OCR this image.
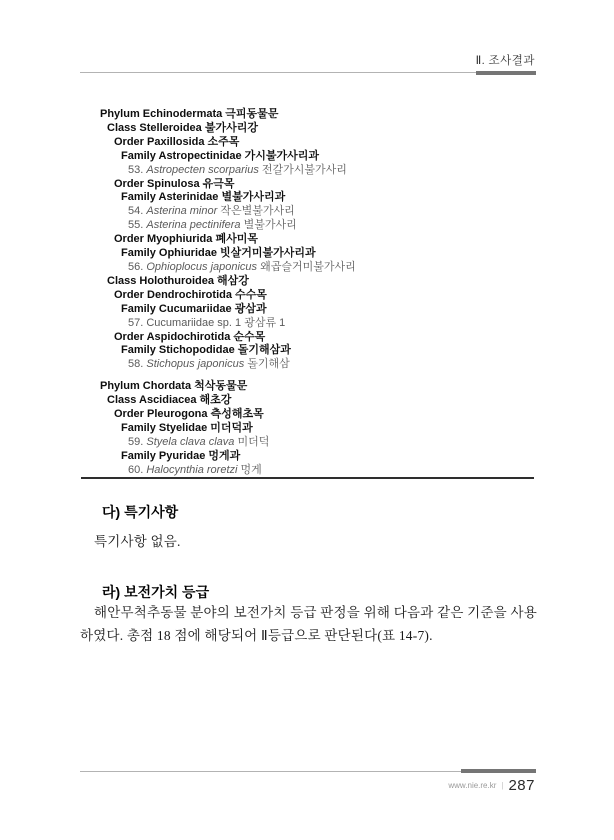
Ⅱ. 조사결과
Phylum Echinodermata 극피동물문
Class Stelleroidea 불가사리강
Order Paxillosida 소주목
Family Astropectinidae 가시불가사리과
53. Astropecten scorparius 전갈가시불가사리
Order Spinulosa 유극목
Family Asterinidae 별불가사리과
54. Asterina minor 작은별불가사리
55. Asterina pectinifera 별불가사리
Order Myophiurida 폐사미목
Family Ophiuridae 빗살거미불가사리과
56. Ophioplocus japonicus 왜곱슬거미불가사리
Class Holothuroidea 해삼강
Order Dendrochirotida 수수목
Family Cucumariidae 광삼과
57. Cucumariidae sp. 1 광삼류 1
Order Aspidochirotida 순수목
Family Stichopodidae 돌기해삼과
58. Stichopus japonicus 돌기해삼
Phylum Chordata 척삭동물문
Class Ascidiacea 해초강
Order Pleurogona 측성해초목
Family Styelidae 미더덕과
59. Styela clava clava 미더덕
Family Pyuridae 멍게과
60. Halocynthia roretzi 멍게
다) 특기사항
특기사항 없음.
라) 보전가치 등급
해안무척추동물 분야의 보전가치 등급 판정을 위해 다음과 같은 기준을 사용하였다. 총점 18 점에 해당되어 Ⅱ등급으로 판단된다(표 14-7).
www.nie.re.kr | 287
